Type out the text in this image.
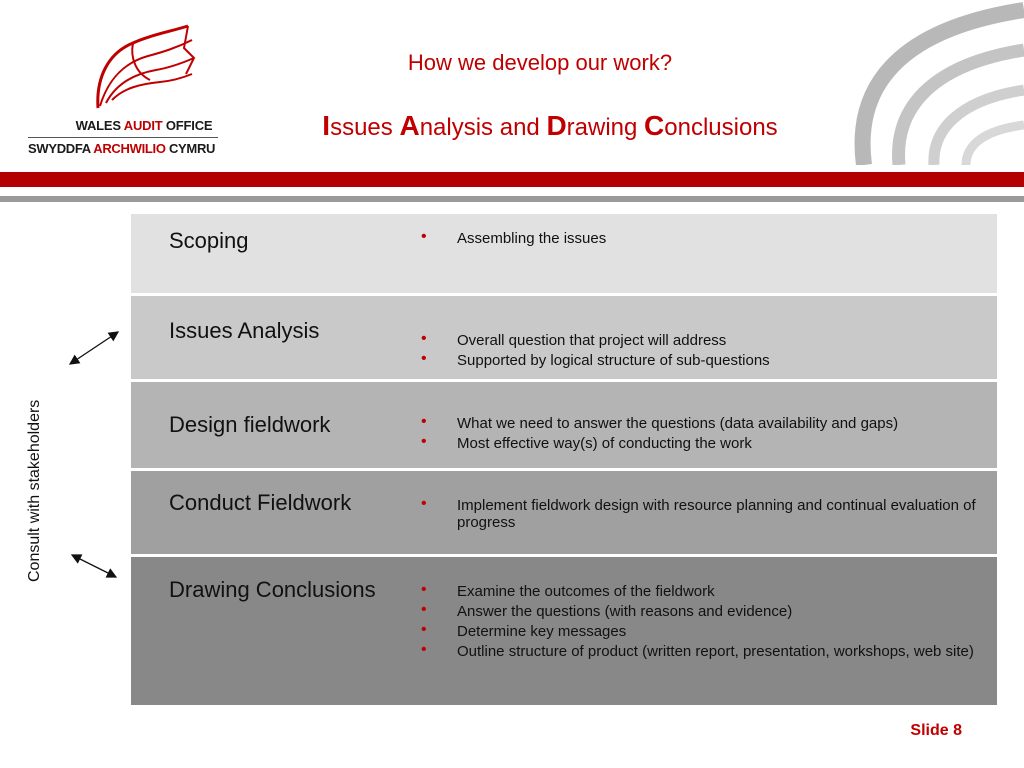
WALES AUDIT OFFICE
SWYDDFA ARCHWILIO CYMRU
How we develop our work?
Issues Analysis and Drawing Conclusions
Consult with stakeholders
Scoping	• Assembling the issues
Issues Analysis	• Overall question that project will address
• Supported by logical structure of sub-questions
Design fieldwork	• What we need to answer the questions (data availability and gaps)
• Most effective way(s) of conducting the work
Conduct Fieldwork	• Implement fieldwork design with resource planning and continual evaluation of progress
Drawing Conclusions	• Examine the outcomes of the fieldwork
• Answer the questions (with reasons and evidence)
• Determine key messages
• Outline structure of product (written report, presentation, workshops, web site)
Slide 8
